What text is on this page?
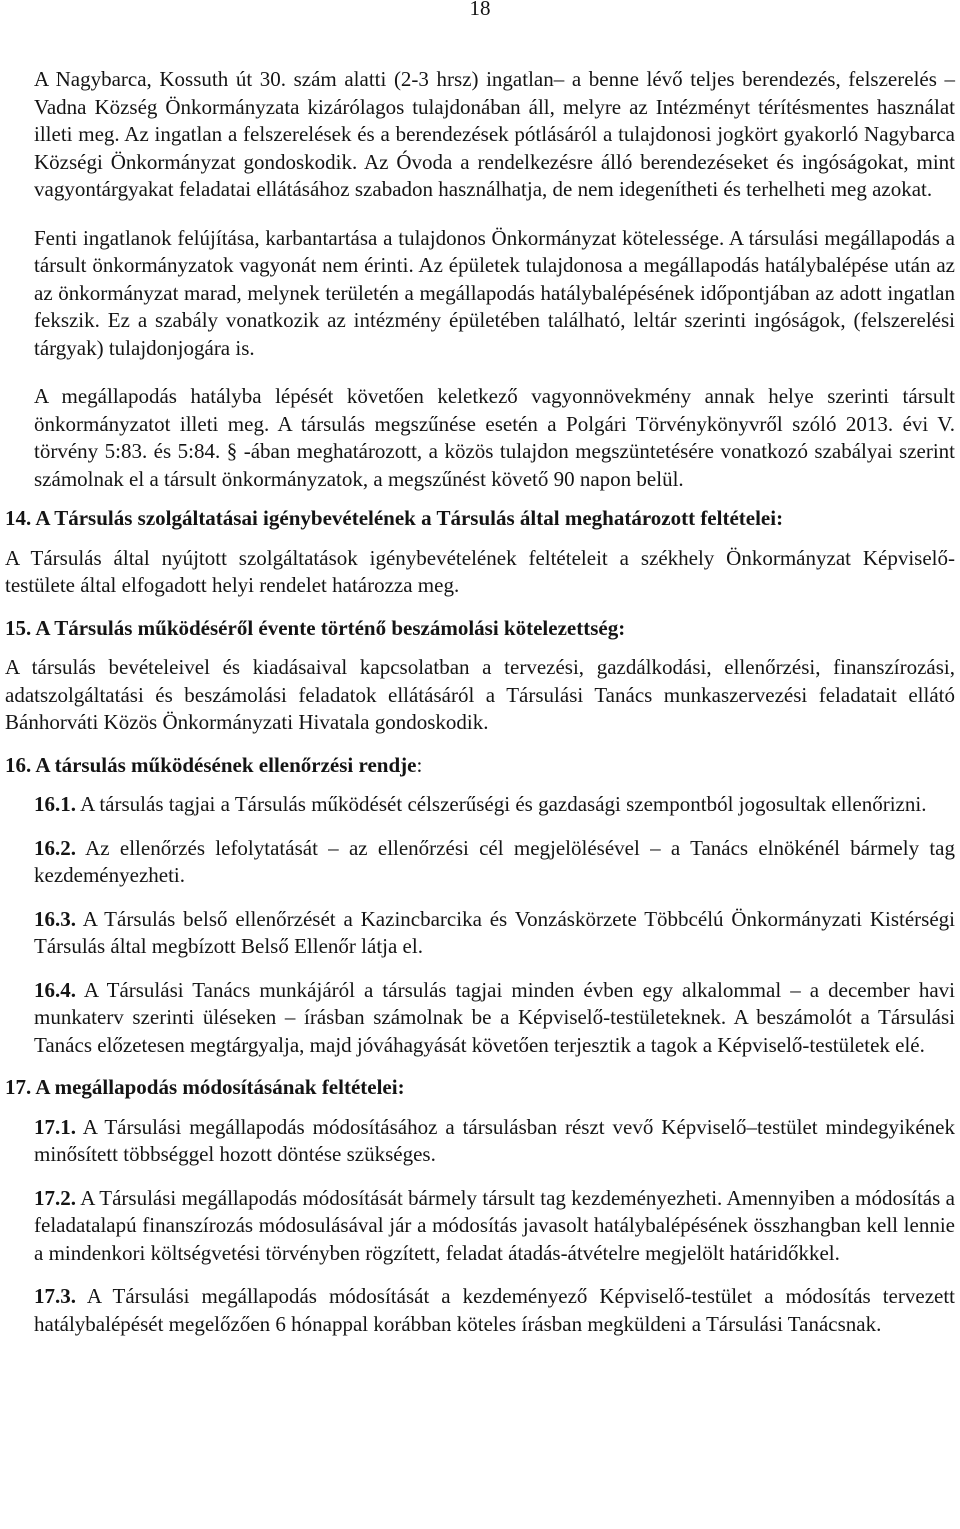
18

A Nagybarca, Kossuth út 30. szám alatti (2-3 hrsz) ingatlan– a benne lévő teljes berendezés, felszerelés – Vadna Község Önkormányzata kizárólagos tulajdonában áll, melyre az Intézményt térítésmentes használat illeti meg. Az ingatlan a felszerelések és a berendezések pótlásáról a tulajdonosi jogkört gyakorló Nagybarca Községi Önkormányzat gondoskodik. Az Óvoda a rendelkezésre álló berendezéseket és ingóságokat, mint vagyontárgyakat feladatai ellátásához szabadon használhatja, de nem idegenítheti és terhelheti meg azokat.

Fenti ingatlanok felújítása, karbantartása a tulajdonos Önkormányzat kötelessége. A társulási megállapodás a társult önkormányzatok vagyonát nem érinti. Az épületek tulajdonosa a megállapodás hatálybalépése után az az önkormányzat marad, melynek területén a megállapodás hatálybalépésének időpontjában az adott ingatlan fekszik. Ez a szabály vonatkozik az intézmény épületében található, leltár szerinti ingóságok, (felszerelési tárgyak) tulajdonjogára is.

A megállapodás hatályba lépését követően keletkező vagyonnövekmény annak helye szerinti társult önkormányzatot illeti meg. A társulás megszűnése esetén a Polgári Törvénykönyvről szóló 2013. évi V. törvény 5:83. és 5:84. § -ában meghatározott, a közös tulajdon megszüntetésére vonatkozó szabályai szerint számolnak el a társult önkormányzatok, a megszűnést követő 90 napon belül.

14. A Társulás szolgáltatásai igénybevételének a Társulás által meghatározott feltételei:

A Társulás által nyújtott szolgáltatások igénybevételének feltételeit a székhely Önkormányzat Képviselő-testülete által elfogadott helyi rendelet határozza meg.

15. A Társulás működéséről évente történő beszámolási kötelezettség:

A társulás bevételeivel és kiadásaival kapcsolatban a tervezési, gazdálkodási, ellenőrzési, finanszírozási, adatszolgáltatási és beszámolási feladatok ellátásáról a Társulási Tanács munkaszervezési feladatait ellátó Bánhorváti Közös Önkormányzati Hivatala gondoskodik.

16. A társulás működésének ellenőrzési rendje:

16.1. A társulás tagjai a Társulás működését célszerűségi és gazdasági szempontból jogosultak ellenőrizni.

16.2. Az ellenőrzés lefolytatását – az ellenőrzési cél megjelölésével – a Tanács elnökénél bármely tag kezdeményezheti.

16.3. A Társulás belső ellenőrzését a Kazincbarcika és Vonzáskörzete Többcélú Önkormányzati Kistérségi Társulás által megbízott Belső Ellenőr látja el.

16.4. A Társulási Tanács munkájáról a társulás tagjai minden évben egy alkalommal – a december havi munkaterv szerinti üléseken – írásban számolnak be a Képviselő-testületeknek. A beszámolót a Társulási Tanács előzetesen megtárgyalja, majd jóváhagyását követően terjesztik a tagok a Képviselő-testületek elé.

17. A megállapodás módosításának feltételei:

17.1. A Társulási megállapodás módosításához a társulásban részt vevő Képviselő–testület mindegyikének minősített többséggel hozott döntése szükséges.

17.2. A Társulási megállapodás módosítását bármely társult tag kezdeményezheti. Amennyiben a módosítás a feladatalapú finanszírozás módosulásával jár a módosítás javasolt hatálybalépésének összhangban kell lennie a mindenkori költségvetési törvényben rögzített, feladat átadás-átvételre megjelölt határidőkkel.

17.3. A Társulási megállapodás módosítását a kezdeményező Képviselő-testület a módosítás tervezett hatálybalépését megelőzően 6 hónappal korábban köteles írásban megküldeni a Társulási Tanácsnak.
